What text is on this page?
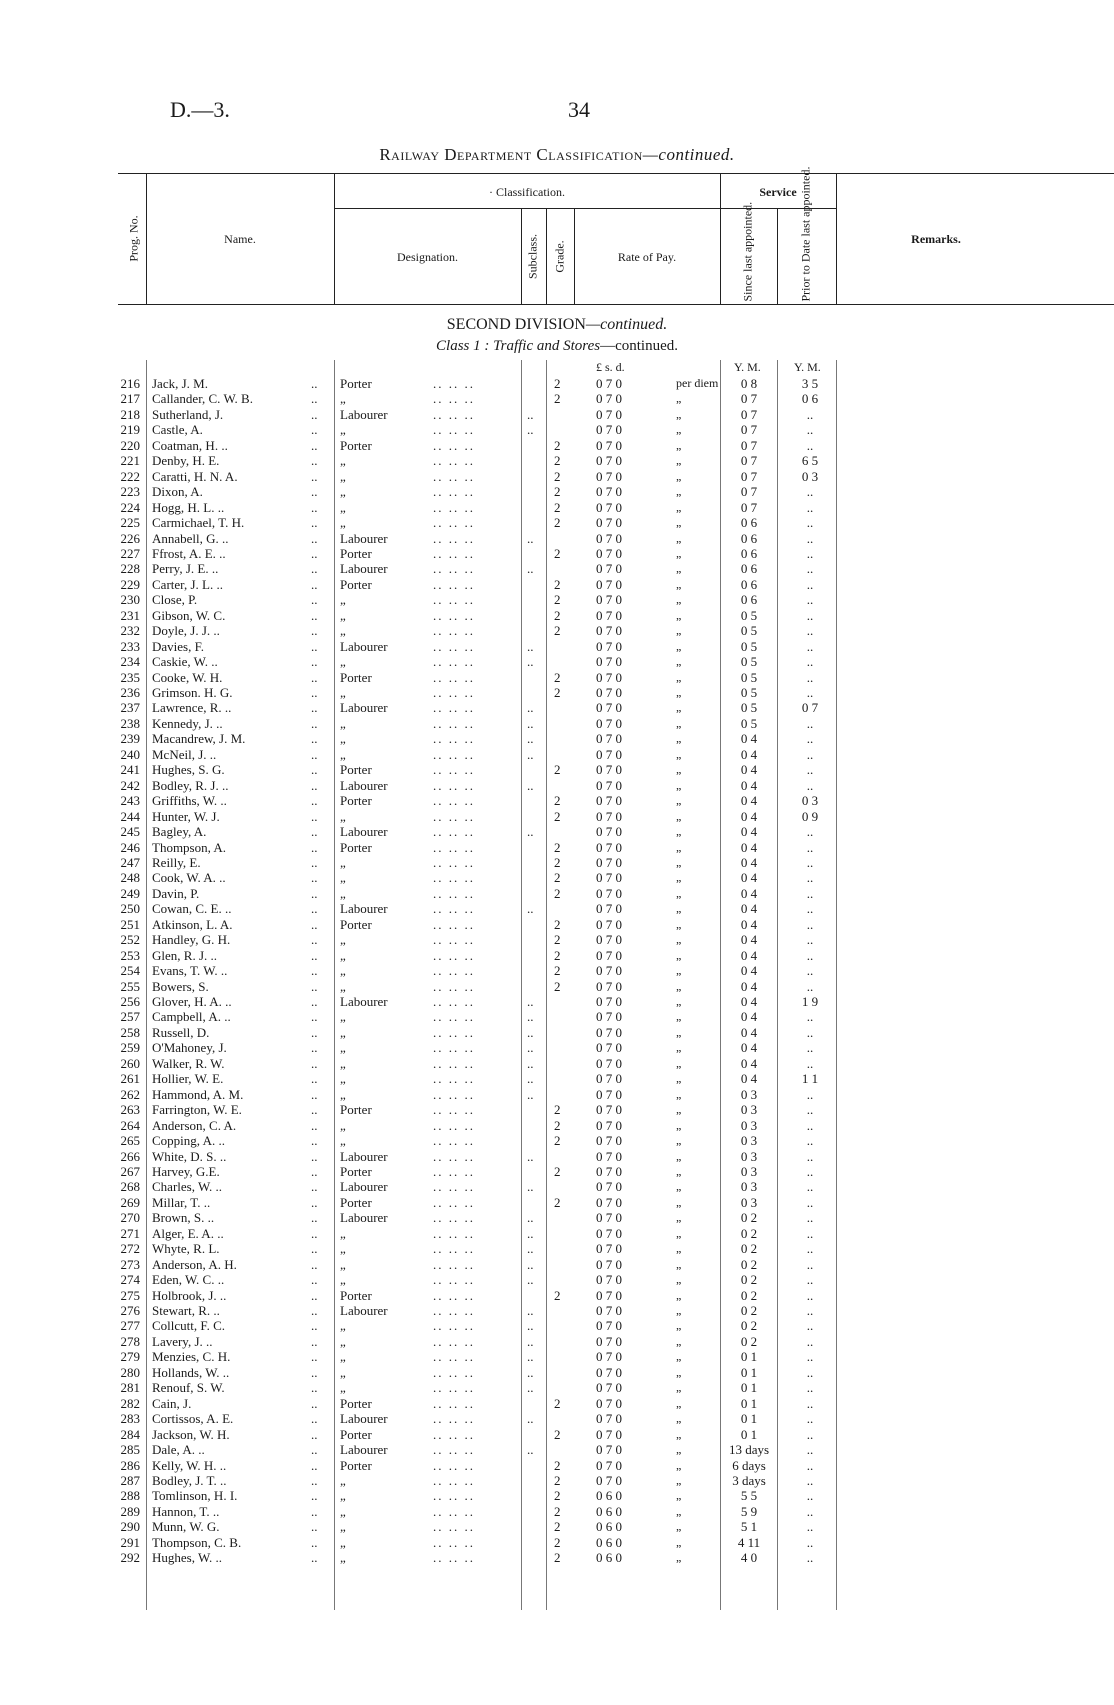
D.—3.	34
Railway Department Classification—continued.
Prog. No.	Name.
· Classification.
Designation.	Subclass. Grade.	Rate of Pay.
Service
Since last appointed.	Prior to Date last appointed.	Remarks.
SECOND DIVISION—continued.
Class 1 : Traffic and Stores—continued.
£ s. d.	Y. M.	Y. M.
216 Jack, J. M.	.. Porter	.. .. ..	2	0 7 0	per diem	0 8	3 5
217 Callander, C. W. B.	.. „	.. .. ..	2	0 7 0	„	0 7	0 6
218 Sutherland, J.	.. Labourer	.. .. ..	..	0 7 0	„	0 7	..
219 Castle, A.	.. „	.. .. ..	..	0 7 0	„	0 7	..
220 Coatman, H. ..	.. Porter	.. .. ..	2	0 7 0	„	0 7	..
221 Denby, H. E.	.. „	.. .. ..	2	0 7 0	„	0 7	6 5
222 Caratti, H. N. A.	.. „	.. .. ..	2	0 7 0	„	0 7	0 3
223 Dixon, A.	.. „	.. .. ..	2	0 7 0	„	0 7	..
224 Hogg, H. L. ..	.. „	.. .. ..	2	0 7 0	„	0 7	..
225 Carmichael, T. H.	.. „	.. .. ..	2	0 7 0	„	0 6	..
226 Annabell, G. ..	.. Labourer	.. .. ..	..	0 7 0	„	0 6	..
227 Ffrost, A. E. ..	.. Porter	.. .. ..	2	0 7 0	„	0 6	..
228 Perry, J. E. ..	.. Labourer	.. .. ..	..	0 7 0	„	0 6	..
229 Carter, J. L. ..	.. Porter	.. .. ..	2	0 7 0	„	0 6	..
230 Close, P.	.. „	.. .. ..	2	0 7 0	„	0 6	..
231 Gibson, W. C.	.. „	.. .. ..	2	0 7 0	„	0 5	..
232 Doyle, J. J. ..	.. „	.. .. ..	2	0 7 0	„	0 5	..
233 Davies, F.	.. Labourer	.. .. ..	..	0 7 0	„	0 5	..
234 Caskie, W. ..	.. „	.. .. ..	..	0 7 0	„	0 5	..
235 Cooke, W. H.	.. Porter	.. .. ..	2	0 7 0	„	0 5	..
236 Grimson. H. G.	.. „	.. .. ..	2	0 7 0	„	0 5	..
237 Lawrence, R. ..	.. Labourer	.. .. ..	..	0 7 0	„	0 5	0 7
238 Kennedy, J. ..	.. „	.. .. ..	..	0 7 0	„	0 5	..
239 Macandrew, J. M.	.. „	.. .. ..	..	0 7 0	„	0 4	..
240 McNeil, J. ..	.. „	.. .. ..	..	0 7 0	„	0 4	..
241 Hughes, S. G.	.. Porter	.. .. ..	2	0 7 0	„	0 4	..
242 Bodley, R. J. ..	.. Labourer	.. .. ..	..	0 7 0	„	0 4	..
243 Griffiths, W. ..	.. Porter	.. .. ..	2	0 7 0	„	0 4	0 3
244 Hunter, W. J.	.. „	.. .. ..	2	0 7 0	„	0 4	0 9
245 Bagley, A.	.. Labourer	.. .. ..	..	0 7 0	„	0 4	..
246 Thompson, A.	.. Porter	.. .. ..	2	0 7 0	„	0 4	..
247 Reilly, E.	.. „	.. .. ..	2	0 7 0	„	0 4	..
248 Cook, W. A. ..	.. „	.. .. ..	2	0 7 0	„	0 4	..
249 Davin, P.	.. „	.. .. ..	2	0 7 0	„	0 4	..
250 Cowan, C. E. ..	.. Labourer	.. .. ..	..	0 7 0	„	0 4	..
251 Atkinson, L. A.	.. Porter	.. .. ..	2	0 7 0	„	0 4	..
252 Handley, G. H.	.. „	.. .. ..	2	0 7 0	„	0 4	..
253 Glen, R. J. ..	.. „	.. .. ..	2	0 7 0	„	0 4	..
254 Evans, T. W. ..	.. „	.. .. ..	2	0 7 0	„	0 4	..
255 Bowers, S.	.. „	.. .. ..	2	0 7 0	„	0 4	..
256 Glover, H. A. ..	.. Labourer	.. .. ..	..	0 7 0	„	0 4	1 9
257 Campbell, A. ..	.. „	.. .. ..	..	0 7 0	„	0 4	..
258 Russell, D.	.. „	.. .. ..	..	0 7 0	„	0 4	..
259 O'Mahoney, J.	.. „	.. .. ..	..	0 7 0	„	0 4	..
260 Walker, R. W.	.. „	.. .. ..	..	0 7 0	„	0 4	..
261 Hollier, W. E.	.. „	.. .. ..	..	0 7 0	„	0 4	1 1
262 Hammond, A. M.	.. „	.. .. ..	..	0 7 0	„	0 3	..
263 Farrington, W. E.	.. Porter	.. .. ..	2	0 7 0	„	0 3	..
264 Anderson, C. A.	.. „	.. .. ..	2	0 7 0	„	0 3	..
265 Copping, A. ..	.. „	.. .. ..	2	0 7 0	„	0 3	..
266 White, D. S. ..	.. Labourer	.. .. ..	..	0 7 0	„	0 3	..
267 Harvey, G.E.	.. Porter	.. .. ..	2	0 7 0	„	0 3	..
268 Charles, W. ..	.. Labourer	.. .. ..	..	0 7 0	„	0 3	..
269 Millar, T. ..	.. Porter	.. .. ..	2	0 7 0	„	0 3	..
270 Brown, S. ..	.. Labourer	.. .. ..	..	0 7 0	„	0 2	..
271 Alger, E. A. ..	.. „	.. .. ..	..	0 7 0	„	0 2	..
272 Whyte, R. L.	.. „	.. .. ..	..	0 7 0	„	0 2	..
273 Anderson, A. H.	.. „	.. .. ..	..	0 7 0	„	0 2	..
274 Eden, W. C. ..	.. „	.. .. ..	..	0 7 0	„	0 2	..
275 Holbrook, J. ..	.. Porter	.. .. ..	2	0 7 0	„	0 2	..
276 Stewart, R. ..	.. Labourer	.. .. ..	..	0 7 0	„	0 2	..
277 Collcutt, F. C.	.. „	.. .. ..	..	0 7 0	„	0 2	..
278 Lavery, J. ..	.. „	.. .. ..	..	0 7 0	„	0 2	..
279 Menzies, C. H.	.. „	.. .. ..	..	0 7 0	„	0 1	..
280 Hollands, W. ..	.. „	.. .. ..	..	0 7 0	„	0 1	..
281 Renouf, S. W.	.. „	.. .. ..	..	0 7 0	„	0 1	..
282 Cain, J.	.. Porter	.. .. ..	2	0 7 0	„	0 1	..
283 Cortissos, A. E.	.. Labourer	.. .. ..	..	0 7 0	„	0 1	..
284 Jackson, W. H.	.. Porter	.. .. ..	2	0 7 0	„	0 1	..
285 Dale, A. ..	.. Labourer	.. .. ..	..	0 7 0	„	13 days	..
286 Kelly, W. H. ..	.. Porter	.. .. ..	2	0 7 0	„	6 days	..
287 Bodley, J. T. ..	.. „	.. .. ..	2	0 7 0	„	3 days	..
288 Tomlinson, H. I.	.. „	.. .. ..	2	0 6 0	„	5 5	..
289 Hannon, T. ..	.. „	.. .. ..	2	0 6 0	„	5 9	..
290 Munn, W. G.	.. „	.. .. ..	2	0 6 0	„	5 1	..
291 Thompson, C. B.	.. „	.. .. ..	2	0 6 0	„	4 11	..
292 Hughes, W. ..	.. „	.. .. ..	2	0 6 0	„	4 0	..
